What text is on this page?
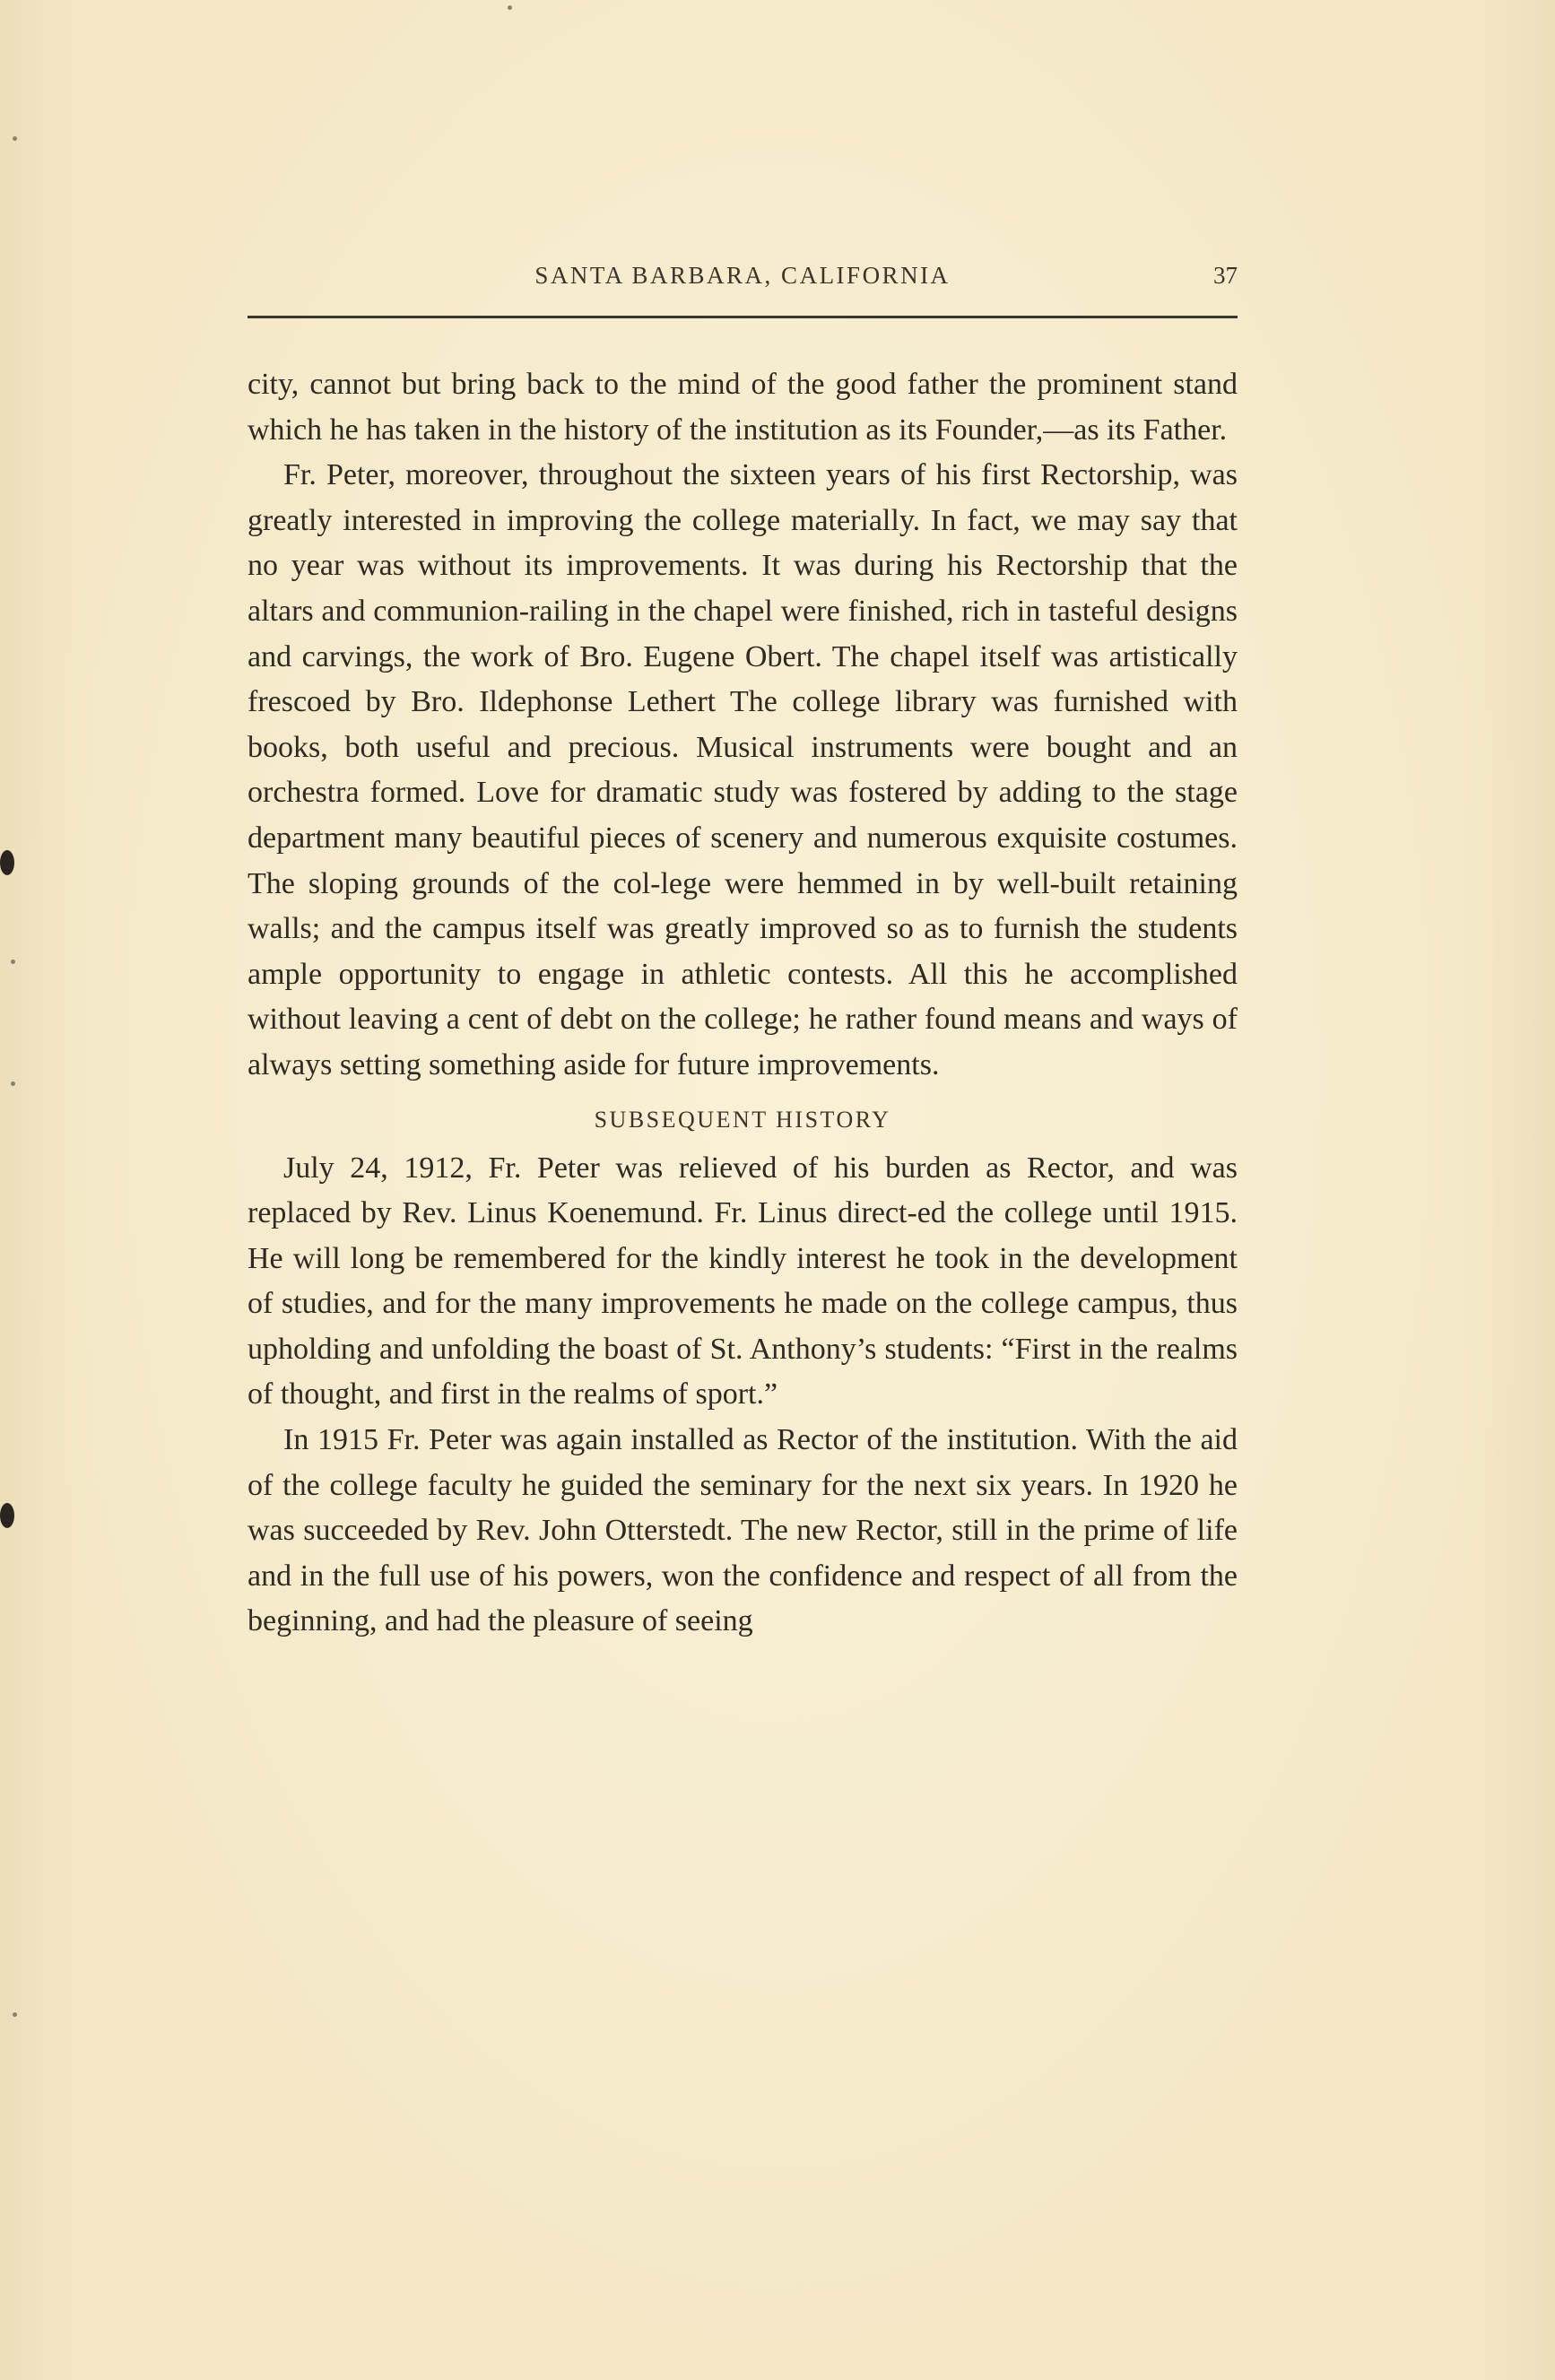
SANTA BARBARA, CALIFORNIA	37

city, cannot but bring back to the mind of the good father the prominent stand which he has taken in the history of the institution as its Founder,—as its Father.

Fr. Peter, moreover, throughout the sixteen years of his first Rectorship, was greatly interested in improving the college materially. In fact, we may say that no year was without its improvements. It was during his Rectorship that the altars and communion-railing in the chapel were finished, rich in tasteful designs and carvings, the work of Bro. Eugene Obert. The chapel itself was artistically frescoed by Bro. Ildephonse Lethert The college library was furnished with books, both useful and precious. Musical instruments were bought and an orchestra formed. Love for dramatic study was fostered by adding to the stage department many beautiful pieces of scenery and numerous exquisite costumes. The sloping grounds of the col-lege were hemmed in by well-built retaining walls; and the campus itself was greatly improved so as to furnish the students ample opportunity to engage in athletic contests. All this he accomplished without leaving a cent of debt on the college; he rather found means and ways of always setting something aside for future improvements.

SUBSEQUENT HISTORY

July 24, 1912, Fr. Peter was relieved of his burden as Rector, and was replaced by Rev. Linus Koenemund. Fr. Linus direct-ed the college until 1915. He will long be remembered for the kindly interest he took in the development of studies, and for the many improvements he made on the college campus, thus upholding and unfolding the boast of St. Anthony’s students: “First in the realms of thought, and first in the realms of sport.”

In 1915 Fr. Peter was again installed as Rector of the institution. With the aid of the college faculty he guided the seminary for the next six years. In 1920 he was succeeded by Rev. John Otterstedt. The new Rector, still in the prime of life and in the full use of his powers, won the confidence and respect of all from the beginning, and had the pleasure of seeing
